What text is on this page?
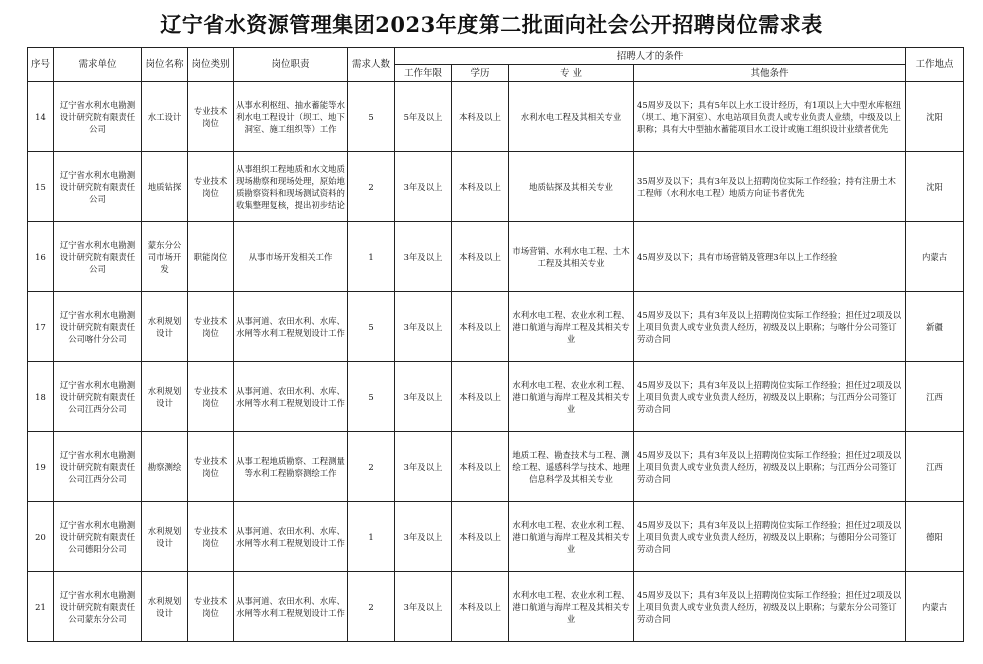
辽宁省水资源管理集团2023年度第二批面向社会公开招聘岗位需求表
序号	需求单位	岗位名称	岗位类别	岗位职责	需求人数	招聘人才的条件				工作地点
						工作年限	学历	专 业	其他条件	
14	辽宁省水利水电勘测设计研究院有限责任公司	水工设计	专业技术岗位	从事水利枢纽、抽水蓄能等水利水电工程设计（坝工、地下洞室、施工组织等）工作	5	5年及以上	本科及以上	水利水电工程及其相关专业	45周岁及以下；具有5年以上水工设计经历，有1项以上大中型水库枢纽（坝工、地下洞室）、水电站项目负责人或专业负责人业绩，中级及以上职称；具有大中型抽水蓄能项目水工设计或施工组织设计业绩者优先	沈阳
15	辽宁省水利水电勘测设计研究院有限责任公司	地质钻探	专业技术岗位	从事组织工程地质和水文地质现场勘察和现场处理，原始地质勘察资料和现场测试资料的收集整理复核，提出初步结论	2	3年及以上	本科及以上	地质钻探及其相关专业	35周岁及以下；具有3年及以上招聘岗位实际工作经验；持有注册土木工程师（水利水电工程）地质方向证书者优先	沈阳
16	辽宁省水利水电勘测设计研究院有限责任公司	蒙东分公司市场开发	职能岗位	从事市场开发相关工作	1	3年及以上	本科及以上	市场营销、水利水电工程、土木工程及其相关专业	45周岁及以下；具有市场营销及管理3年以上工作经验	内蒙古
17	辽宁省水利水电勘测设计研究院有限责任公司喀什分公司	水利规划设计	专业技术岗位	从事河道、农田水利、水库、水闸等水利工程规划设计工作	5	3年及以上	本科及以上	水利水电工程、农业水利工程、港口航道与海岸工程及其相关专业	45周岁及以下；具有3年及以上招聘岗位实际工作经验；担任过2项及以上项目负责人或专业负责人经历，初级及以上职称；与喀什分公司签订劳动合同	新疆
18	辽宁省水利水电勘测设计研究院有限责任公司江西分公司	水利规划设计	专业技术岗位	从事河道、农田水利、水库、水闸等水利工程规划设计工作	5	3年及以上	本科及以上	水利水电工程、农业水利工程、港口航道与海岸工程及其相关专业	45周岁及以下；具有3年及以上招聘岗位实际工作经验；担任过2项及以上项目负责人或专业负责人经历，初级及以上职称；与江西分公司签订劳动合同	江西
19	辽宁省水利水电勘测设计研究院有限责任公司江西分公司	勘察测绘	专业技术岗位	从事工程地质勘察、工程测量等水利工程勘察测绘工作	2	3年及以上	本科及以上	地质工程、勘查技术与工程、测绘工程、遥感科学与技术、地理信息科学及其相关专业	45周岁及以下；具有3年及以上招聘岗位实际工作经验；担任过2项及以上项目负责人或专业负责人经历，初级及以上职称；与江西分公司签订劳动合同	江西
20	辽宁省水利水电勘测设计研究院有限责任公司德阳分公司	水利规划设计	专业技术岗位	从事河道、农田水利、水库、水闸等水利工程规划设计工作	1	3年及以上	本科及以上	水利水电工程、农业水利工程、港口航道与海岸工程及其相关专业	45周岁及以下；具有3年及以上招聘岗位实际工作经验；担任过2项及以上项目负责人或专业负责人经历，初级及以上职称；与德阳分公司签订劳动合同	德阳
21	辽宁省水利水电勘测设计研究院有限责任公司蒙东分公司	水利规划设计	专业技术岗位	从事河道、农田水利、水库、水闸等水利工程规划设计工作	2	3年及以上	本科及以上	水利水电工程、农业水利工程、港口航道与海岸工程及其相关专业	45周岁及以下；具有3年及以上招聘岗位实际工作经验；担任过2项及以上项目负责人或专业负责人经历，初级及以上职称；与蒙东分公司签订劳动合同	内蒙古
